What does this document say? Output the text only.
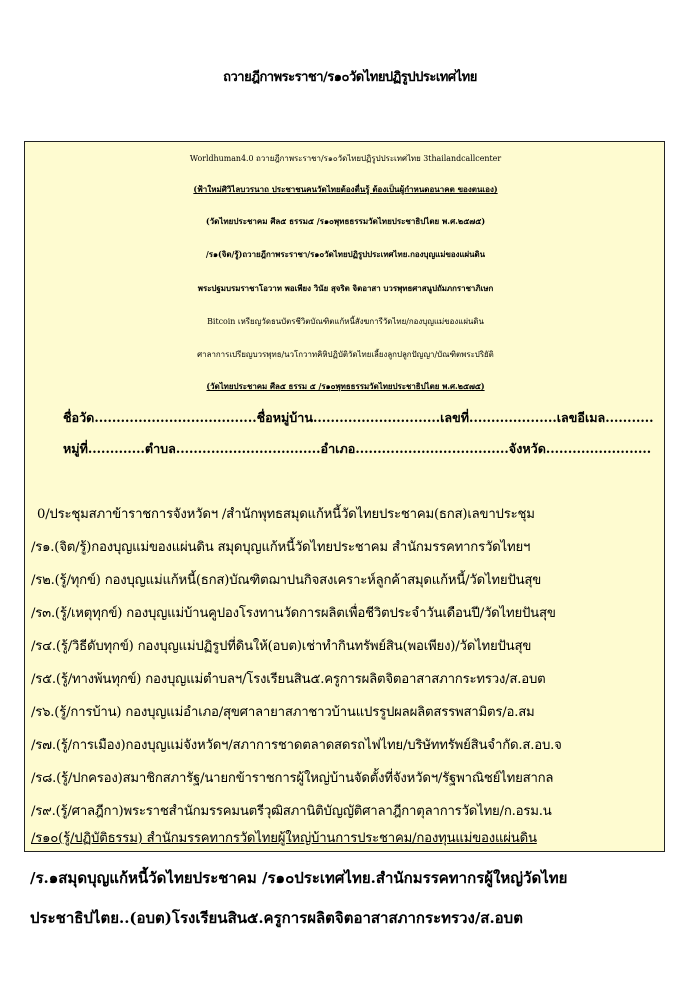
ถวายฎีกาพระราชา/ร๑๐วัดไทยปฏิรูปประเทศไทย
Worldhuman4.0 ถวายฎีกาพระราชา/ร๑๐วัดไทยปฏิรูปประเทศไทย 3thailandcallcenter
(ฟ้าใหม่ศิวิไลบวรนาถ ประชาชนคนวัดไทยต้องตื่นรู้ ต้องเป็นผู้กำหนดอนาคต ของตนเอง)
(วัดไทยประชาคม ศีล๕ ธรรม๕ /ร๑๐พุทธธรรมวัดไทยประชาธิปไตย พ.ศ.๒๕๗๕)
/ร๑(จิต/รู้)ถวายฎีกาพระราชา/ร๑๐วัดไทยปฏิรูปประเทศไทย.กองบุญแม่ของแผ่นดิน
พระปฐมบรมราชาโอวาท พอเพียง วินัย สุจริต จิตอาสา บวรพุทธศาสนูปถัมภกราชาภิเษก
Bitcoin เหรียญวัดธนบัตรชีวิตบัณฑิตแก้หนี้สังฆการีวัดไทย/กองบุญแม่ของแผ่นดิน
ศาลาการเปรียญบวรพุทธ/นวโกวาทคิหิปฏิบัติวัดไทยเลี้ยงลูกปลูกปัญญา/บัณฑิตพระปริยัติ
(วัดไทยประชาคม ศีล๕ ธรรม ๕ /ร๑๐พุทธธรรมวัดไทยประชาธิปไตย พ.ศ.๒๕๗๕)
ชื่อวัด.....................................ชื่อหมู่บ้าน.............................เลขที่....................เลขอีเมล...........
หมู่ที่.............ตำบล.................................อำเภอ...................................จังหวัด........................
0/ประชุมสภาข้าราชการจังหวัดฯ /สำนักพุทธสมุดแก้หนี้วัดไทยประชาคม(ธกส)เลขาประชุม
/ร๑.(จิต/รู้)กองบุญแม่ของแผ่นดิน สมุดบุญแก้หนี้วัดไทยประชาคม สำนักมรรคทากรวัดไทยฯ
/ร๒.(รู้/ทุกข์) กองบุญแม่แก้หนี้(ธกส)บัณฑิตฌาปนกิจสงเคราะห์ลูกค้าสมุดแก้หนี้/วัดไทยปันสุข
/ร๓.(รู้/เหตุทุกข์) กองบุญแม่บ้านคูปองโรงทานวัดการผลิตเพื่อชีวิตประจำวันเดือนปี/วัดไทยปันสุข
/ร๔.(รู้/วิธีดับทุกข์) กองบุญแม่ปฏิรูปที่ดินให้(อบต)เช่าทำกินทรัพย์สิน(พอเพียง)/วัดไทยปันสุข
/ร๕.(รู้/ทางพ้นทุกข์) กองบุญแม่ตำบลฯ/โรงเรียนสิน๕.ครูการผลิตจิตอาสาสภากระทรวง/ส.อบต
/ร๖.(รู้/การบ้าน) กองบุญแม่อำเภอ/สุขศาลายาสภาชาวบ้านแปรรูปผลผลิตสรรพสามิตร/อ.สม
/ร๗.(รู้/การเมือง)กองบุญแม่จังหวัดฯ/สภาการชาดตลาดสดรถไฟไทย/บริษัททรัพย์สินจำกัด.ส.อบ.จ
/ร๘.(รู้/ปกครอง)สมาชิกสภารัฐ/นายกข้าราชการผู้ใหญ่บ้านจัดตั้งที่จังหวัดฯ/รัฐพาณิชย์ไทยสากล
/ร๙.(รู้/ศาลฎีกา)พระราชสำนักมรรคมนตรีวุฒิสภานิติบัญญัติศาลาฎีกาตุลาการวัดไทย/ก.อรม.น
/ร๑๐(รู้/ปฏิบัติธรรม) สำนักมรรคทากรวัดไทยผู้ใหญ่บ้านการประชาคม/กองทุนแม่ของแผ่นดิน
/ร.๑สมุดบุญแก้หนี้วัดไทยประชาคม /ร๑๐ประเทศไทย.สำนักมรรคทากรผู้ใหญ่วัดไทย
ประชาธิปไตย..(อบต)โรงเรียนสิน๕.ครูการผลิตจิตอาสาสภากระทรวง/ส.อบต
